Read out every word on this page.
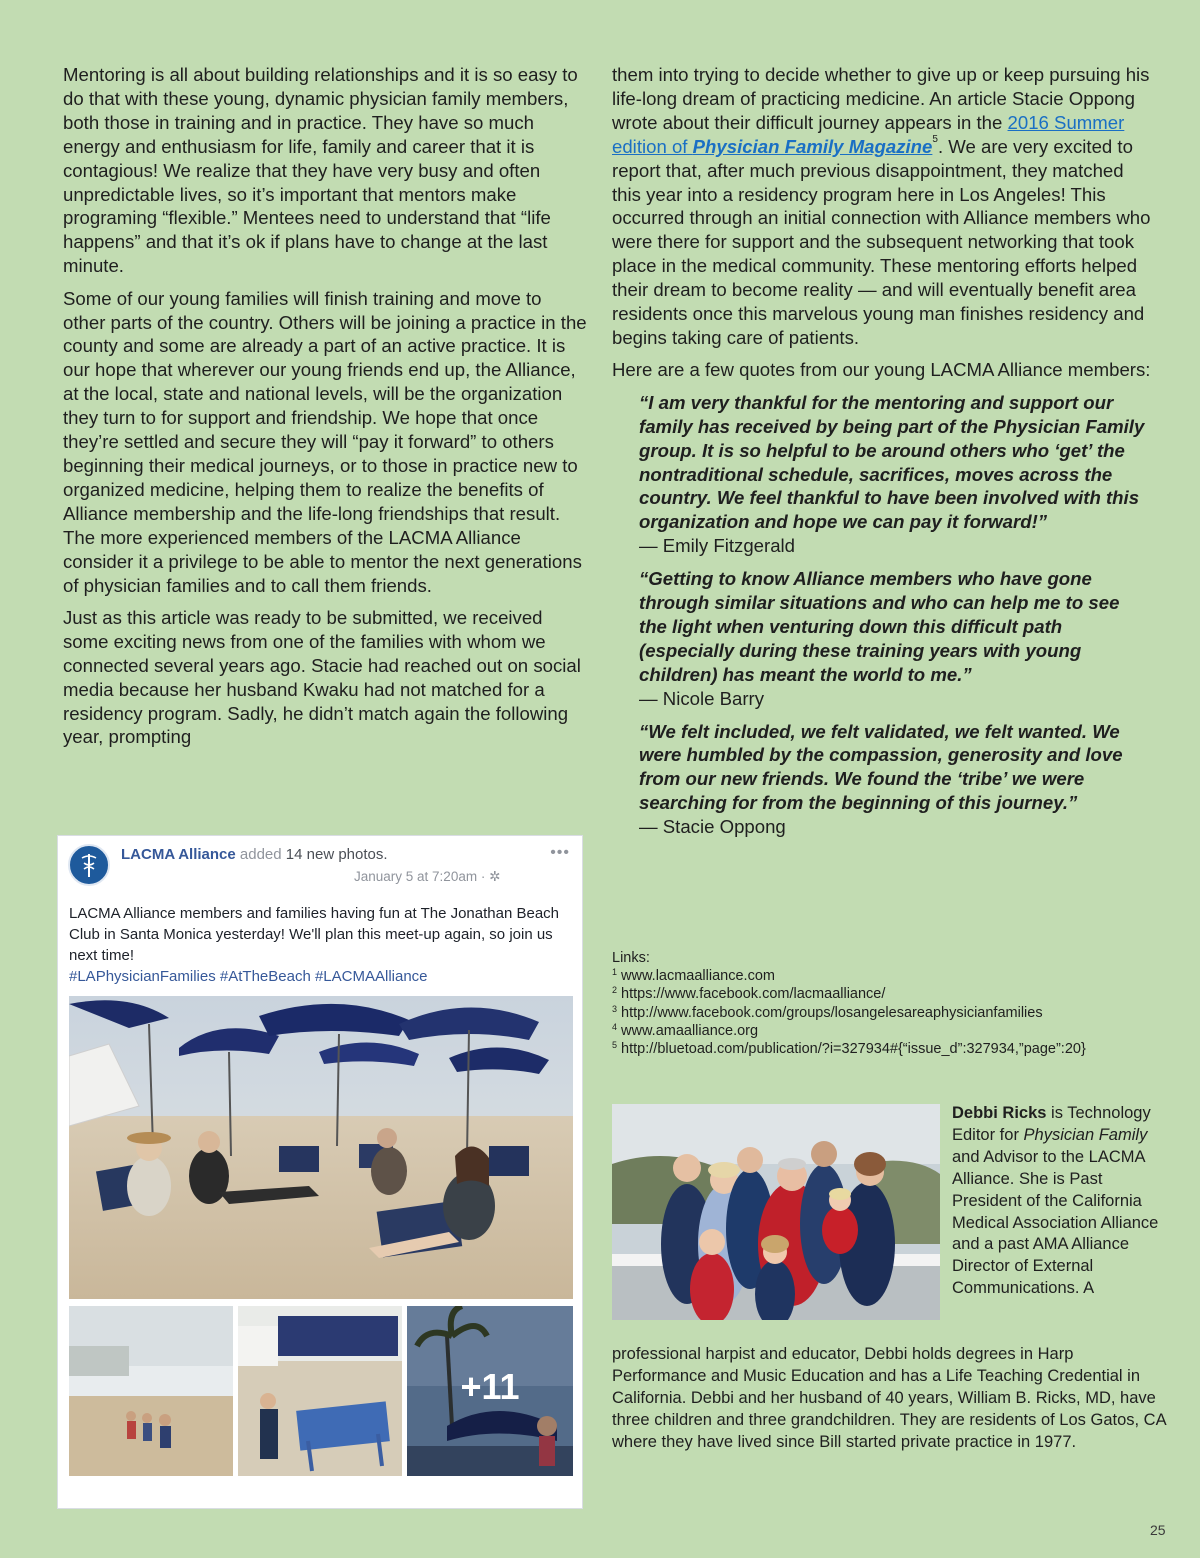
Mentoring is all about building relationships and it is so easy to do that with these young, dynamic physician family members, both those in training and in practice. They have so much energy and enthusiasm for life, family and career that it is contagious! We realize that they have very busy and often unpredictable lives, so it’s important that mentors make programing “flexible.” Mentees need to understand that “life happens” and that it’s ok if plans have to change at the last minute.

Some of our young families will finish training and move to other parts of the country. Others will be joining a practice in the county and some are already a part of an active practice. It is our hope that wherever our young friends end up, the Alliance, at the local, state and national levels, will be the organization they turn to for support and friendship. We hope that once they’re settled and secure they will “pay it forward” to others beginning their medical journeys, or to those in practice new to organized medicine, helping them to realize the benefits of Alliance membership and the life-long friendships that result. The more experienced members of the LACMA Alliance consider it a privilege to be able to mentor the next generations of physician families and to call them friends.

Just as this article was ready to be submitted, we received some exciting news from one of the families with whom we connected several years ago. Stacie had reached out on social media because her husband Kwaku had not matched for a residency program. Sadly, he didn’t match again the following year, prompting

them into trying to decide whether to give up or keep pursuing his life-long dream of practicing medicine. An article Stacie Oppong wrote about their difficult journey appears in the 2016 Summer edition of Physician Family Magazine$^5$. We are very excited to report that, after much previous disappointment, they matched this year into a residency program here in Los Angeles! This occurred through an initial connection with Alliance members who were there for support and the subsequent networking that took place in the medical community. These mentoring efforts helped their dream to become reality — and will eventually benefit area residents once this marvelous young man finishes residency and begins taking care of patients.

Here are a few quotes from our young LACMA Alliance members:

“I am very thankful for the mentoring and support our family has received by being part of the Physician Family group. It is so helpful to be around others who ‘get’ the nontraditional schedule, sacrifices, moves across the country. We feel thankful to have been involved with this organization and hope we can pay it forward!”
— Emily Fitzgerald
“Getting to know Alliance members who have gone through similar situations and who can help me to see the light when venturing down this difficult path (especially during these training years with young children) has meant the world to me.”
— Nicole Barry
“We felt included, we felt validated, we felt wanted. We were humbled by the compassion, generosity and love from our new friends. We found the ‘tribe’ we were searching for from the beginning of this journey.”
— Stacie Oppong
Links:
$^1$ www.lacmaalliance.com
$^2$ https://www.facebook.com/lacmaalliance/
$^3$ http://www.facebook.com/groups/losangelesareaphysicianfamilies
$^4$ www.amaalliance.org
$^5$ http://bluetoad.com/publication/?i=327934#{“issue_d”:327934,”page”:20}
LACMA Alliance added 14 new photos.
January 5 at 7:20am · ✲
•••
LACMA Alliance members and families having fun at The Jonathan Beach Club in Santa Monica yesterday! We'll plan this meet-up again, so join us next time!
#LAPhysicianFamilies #AtTheBeach #LACMAAlliance
+11
Debbi Ricks is Technology Editor for Physician Family and Advisor to the LACMA Alliance. She is Past President of the California Medical Association Alliance and a past AMA Alliance Director of External Communications. A
professional harpist and educator, Debbi holds degrees in Harp Performance and Music Education and has a Life Teaching Credential in California. Debbi and her husband of 40 years, William B. Ricks, MD, have three children and three grandchildren. They are residents of Los Gatos, CA where they have lived since Bill started private practice in 1977.
25
